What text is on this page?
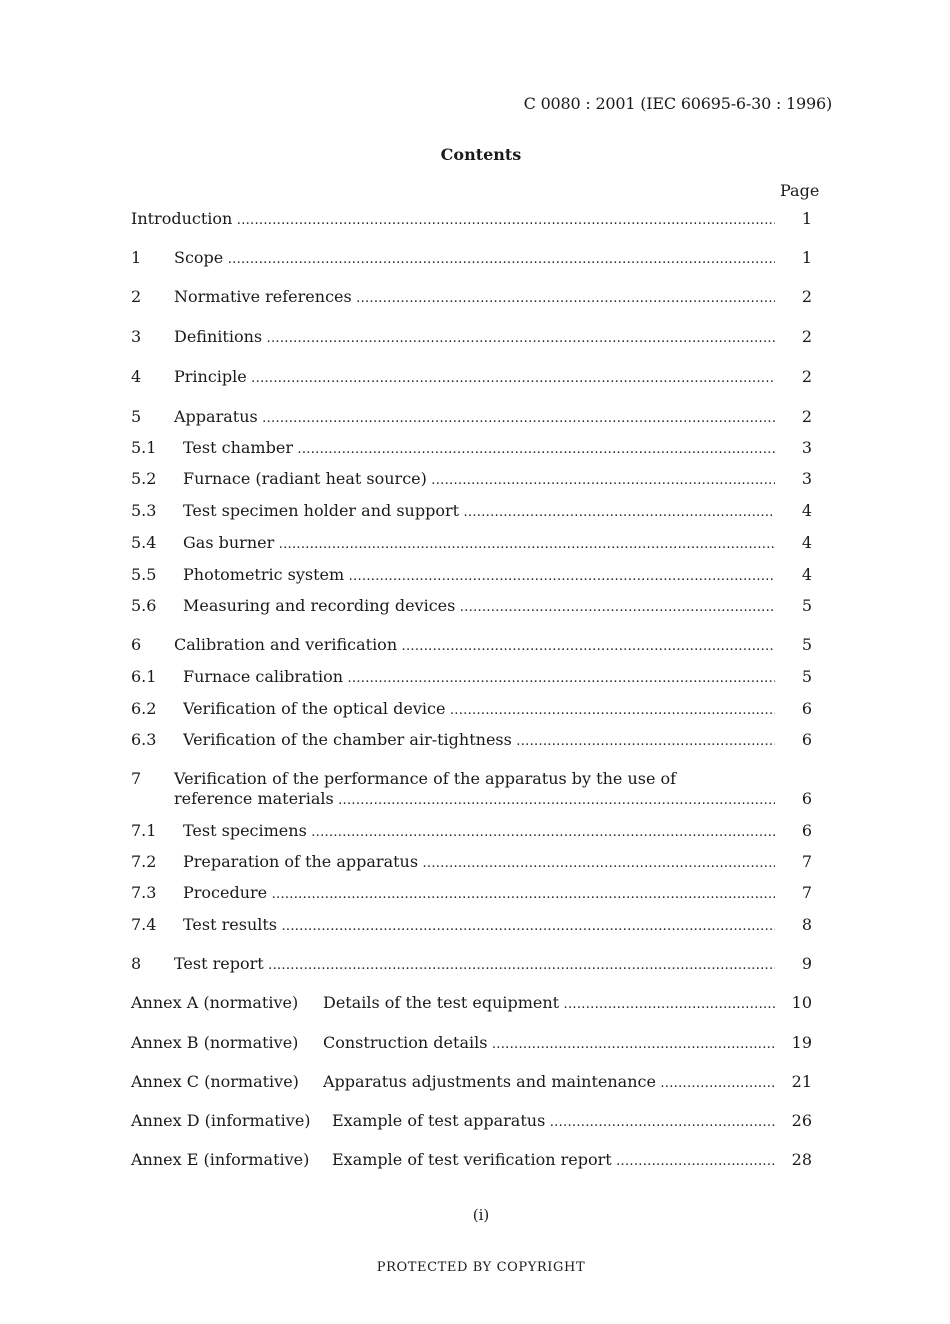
C 0080 : 2001 (IEC 60695-6-30 : 1996)
Contents
Page
Introduction .....	1
1 Scope .....	1
2 Normative references .....	2
3 Definitions .....	2
4 Principle .....	2
5 Apparatus .....	2
5.1 Test chamber .....	3
5.2 Furnace (radiant heat source) .....	3
5.3 Test specimen holder and support .....	4
5.4 Gas burner .....	4
5.5 Photometric system .....	4
5.6 Measuring and recording devices .....	5
6 Calibration and verification .....	5
6.1 Furnace calibration .....	5
6.2 Verification of the optical device .....	6
6.3 Verification of the chamber air-tightness .....	6
7 Verification of the performance of the apparatus by the use of
reference materials .....	6
7.1 Test specimens .....	6
7.2 Preparation of the apparatus .....	7
7.3 Procedure .....	7
7.4 Test results .....	8
8 Test report .....	9
Annex A (normative) Details of the test equipment .....	10
Annex B (normative) Construction details .....	19
Annex C (normative) Apparatus adjustments and maintenance .....	21
Annex D (informative) Example of test apparatus .....	26
Annex E (informative) Example of test verification report .....	28
(i)
PROTECTED BY COPYRIGHT
